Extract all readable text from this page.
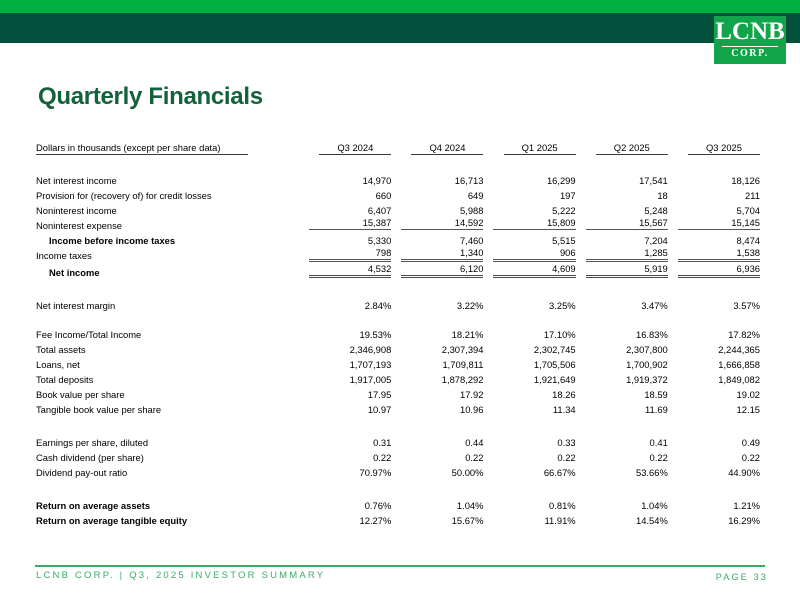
LCNB
CORP.
Quarterly Financials
Dollars in thousands (except per share data)	Q3 2024	Q4 2024	Q1 2025	Q2 2025	Q3 2025

Net interest income	14,970	16,713	16,299	17,541	18,126
Provision for (recovery of) for credit losses	660	649	197	18	211
Noninterest income	6,407	5,988	5,222	5,248	5,704
Noninterest expense	15,387	14,592	15,809	15,567	15,145

Income before income taxes	5,330	7,460	5,515	7,204	8,474
Income taxes	798	1,340	906	1,285	1,538

Net income	4,532	6,120	4,609	5,919	6,936

Net interest margin	2.84%	3.22%	3.25%	3.47%	3.57%

Fee Income/Total Income	19.53%	18.21%	17.10%	16.83%	17.82%
Total assets	2,346,908	2,307,394	2,302,745	2,307,800	2,244,365
Loans, net	1,707,193	1,709,811	1,705,506	1,700,902	1,666,858
Total deposits	1,917,005	1,878,292	1,921,649	1,919,372	1,849,082
Book value per share	17.95	17.92	18.26	18.59	19.02
Tangible book value per share	10.97	10.96	11.34	11.69	12.15

Earnings per share, diluted	0.31	0.44	0.33	0.41	0.49
Cash dividend (per share)	0.22	0.22	0.22	0.22	0.22
Dividend pay-out ratio	70.97%	50.00%	66.67%	53.66%	44.90%

Return on average assets	0.76%	1.04%	0.81%	1.04%	1.21%
Return on average tangible equity	12.27%	15.67%	11.91%	14.54%	16.29%
LCNB CORP. | Q3, 2025 INVESTOR SUMMARY	PAGE 33
